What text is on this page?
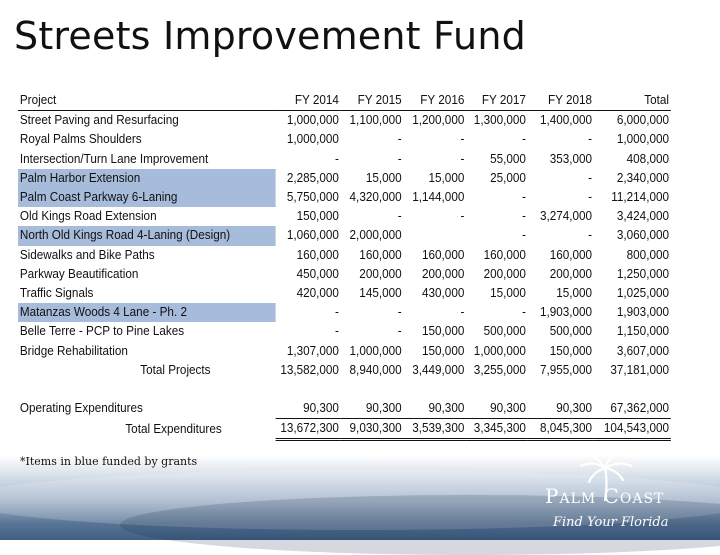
Streets Improvement Fund
Project	FY 2014	FY 2015	FY 2016	FY 2017	FY 2018	Total
Street Paving and Resurfacing	1,000,000	1,100,000	1,200,000	1,300,000	1,400,000	6,000,000
Royal Palms Shoulders	1,000,000	-	-	-	-	1,000,000
Intersection/Turn Lane Improvement	-	-	-	55,000	353,000	408,000
Palm Harbor Extension	2,285,000	15,000	15,000	25,000	-	2,340,000
Palm Coast Parkway 6-Laning	5,750,000	4,320,000	1,144,000	-	-	11,214,000
Old Kings Road Extension	150,000	-	-	-	3,274,000	3,424,000
North Old Kings Road 4-Laning (Design)	1,060,000	2,000,000		-	-	3,060,000
Sidewalks and Bike Paths	160,000	160,000	160,000	160,000	160,000	800,000
Parkway Beautification	450,000	200,000	200,000	200,000	200,000	1,250,000
Traffic Signals	420,000	145,000	430,000	15,000	15,000	1,025,000
Matanzas Woods 4 Lane - Ph. 2	-	-	-	-	1,903,000	1,903,000
Belle Terre - PCP to Pine Lakes	-	-	150,000	500,000	500,000	1,150,000
Bridge Rehabilitation	1,307,000	1,000,000	150,000	1,000,000	150,000	3,607,000
Total Projects	13,582,000	8,940,000	3,449,000	3,255,000	7,955,000	37,181,000

Operating Expenditures	90,300	90,300	90,300	90,300	90,300	67,362,000
Total Expenditures	13,672,300	9,030,300	3,539,300	3,345,300	8,045,300	104,543,000
*Items in blue funded by grants
Palm Coast
Find Your Florida
